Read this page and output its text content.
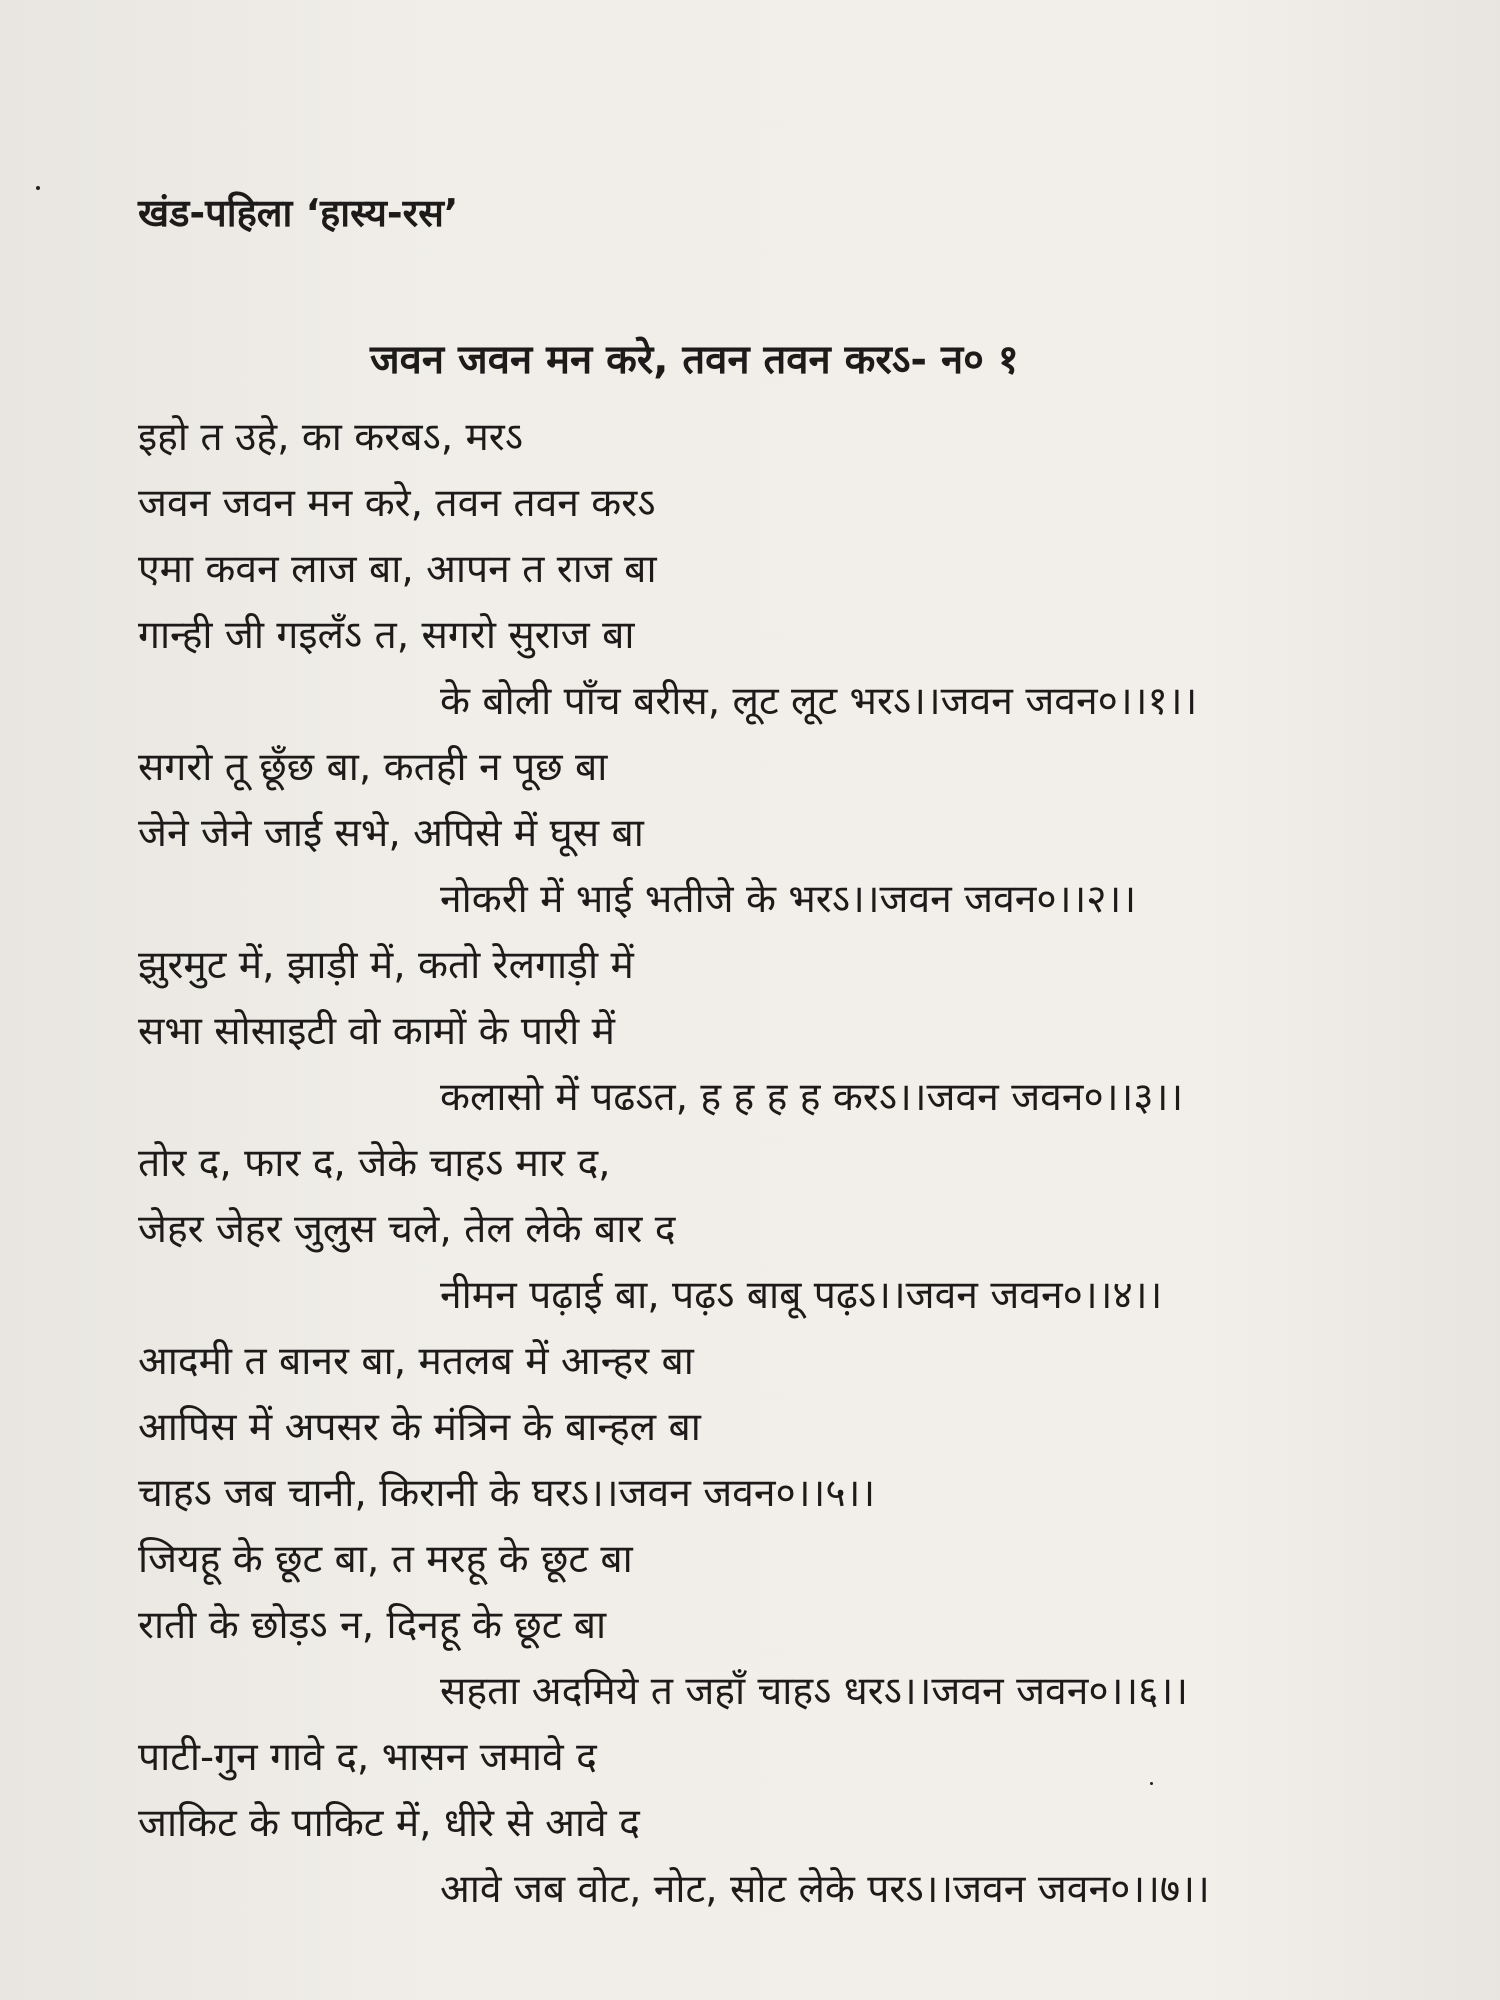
खंड-पहिला ‘हास्य-रस’
जवन जवन मन करे, तवन तवन करऽ- न० १
इहो त उहे, का करबऽ, मरऽ
जवन जवन मन करे, तवन तवन करऽ
एमा कवन लाज बा, आपन त राज बा
गान्ही जी गइलँऽ त, सगरो सुराज बा
के बोली पाँच बरीस, लूट लूट भरऽ।।जवन जवन०।।१।।
सगरो तू छूँछ बा, कतही न पूछ बा
जेने जेने जाई सभे, अपिसे में घूस बा
नोकरी में भाई भतीजे के भरऽ।।जवन जवन०।।२।।
झुरमुट में, झाड़ी में, कतो रेलगाड़ी में
सभा सोसाइटी वो कामों के पारी में
कलासो में पढऽत, ह ह ह ह करऽ।।जवन जवन०।।३।।
तोर द, फार द, जेके चाहऽ मार द,
जेहर जेहर जुलुस चले, तेल लेके बार द
नीमन पढ़ाई बा, पढ़ऽ बाबू पढ़ऽ।।जवन जवन०।।४।।
आदमी त बानर बा, मतलब में आन्हर बा
आपिस में अपसर के मंत्रिन के बान्हल बा
चाहऽ जब चानी, किरानी के घरऽ।।जवन जवन०।।५।।
जियहू के छूट बा, त मरहू के छूट बा
राती के छोड़ऽ न, दिनहू के छूट बा
सहता अदमिये त जहाँ चाहऽ धरऽ।।जवन जवन०।।६।।
पाटी-गुन गावे द, भासन जमावे द
जाकिट के पाकिट में, धीरे से आवे द
आवे जब वोट, नोट, सोट लेके परऽ।।जवन जवन०।।७।।
